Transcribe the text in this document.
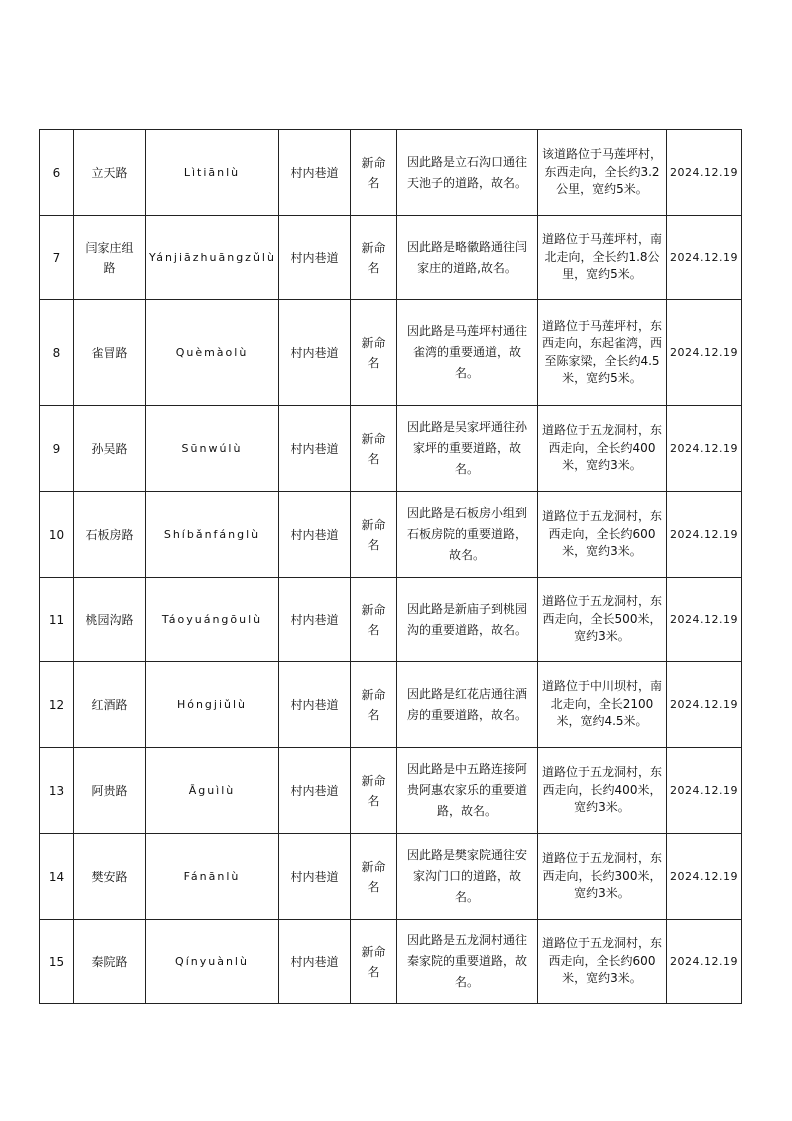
6	立天路	Lìtiānlù	村内巷道	新命名	因此路是立石沟口通往天池子的道路，故名。	该道路位于马莲坪村，东西走向，全长约3.2公里，宽约5米。	2024.12.19
7	闫家庄组路	Yánjiāzhuāngzǔlù	村内巷道	新命名	因此路是略徽路通往闫家庄的道路,故名。	道路位于马莲坪村，南北走向，全长约1.8公里，宽约5米。	2024.12.19
8	雀冒路	Quèmàolù	村内巷道	新命名	因此路是马莲坪村通往雀湾的重要通道，故名。	道路位于马莲坪村，东西走向，东起雀湾，西至陈家梁，全长约4.5米，宽约5米。	2024.12.19
9	孙吴路	Sūnwúlù	村内巷道	新命名	因此路是吴家坪通往孙家坪的重要道路，故名。	道路位于五龙洞村，东西走向，全长约400米，宽约3米。	2024.12.19
10	石板房路	Shíbǎnfánglù	村内巷道	新命名	因此路是石板房小组到石板房院的重要道路，故名。	道路位于五龙洞村，东西走向，全长约600米，宽约3米。	2024.12.19
11	桃园沟路	Táoyuángōulù	村内巷道	新命名	因此路是新庙子到桃园沟的重要道路，故名。	道路位于五龙洞村，东西走向，全长500米，宽约3米。	2024.12.19
12	红酒路	Hóngjiǔlù	村内巷道	新命名	因此路是红花店通往酒房的重要道路，故名。	道路位于中川坝村，南北走向，全长2100米，宽约4.5米。	2024.12.19
13	阿贵路	Āguìlù	村内巷道	新命名	因此路是中五路连接阿贵阿惠农家乐的重要道路，故名。	道路位于五龙洞村，东西走向，长约400米，宽约3米。	2024.12.19
14	樊安路	Fánānlù	村内巷道	新命名	因此路是樊家院通往安家沟门口的道路，故名。	道路位于五龙洞村，东西走向，长约300米，宽约3米。	2024.12.19
15	秦院路	Qínyuànlù	村内巷道	新命名	因此路是五龙洞村通往秦家院的重要道路，故名。	道路位于五龙洞村，东西走向，全长约600米，宽约3米。	2024.12.19
